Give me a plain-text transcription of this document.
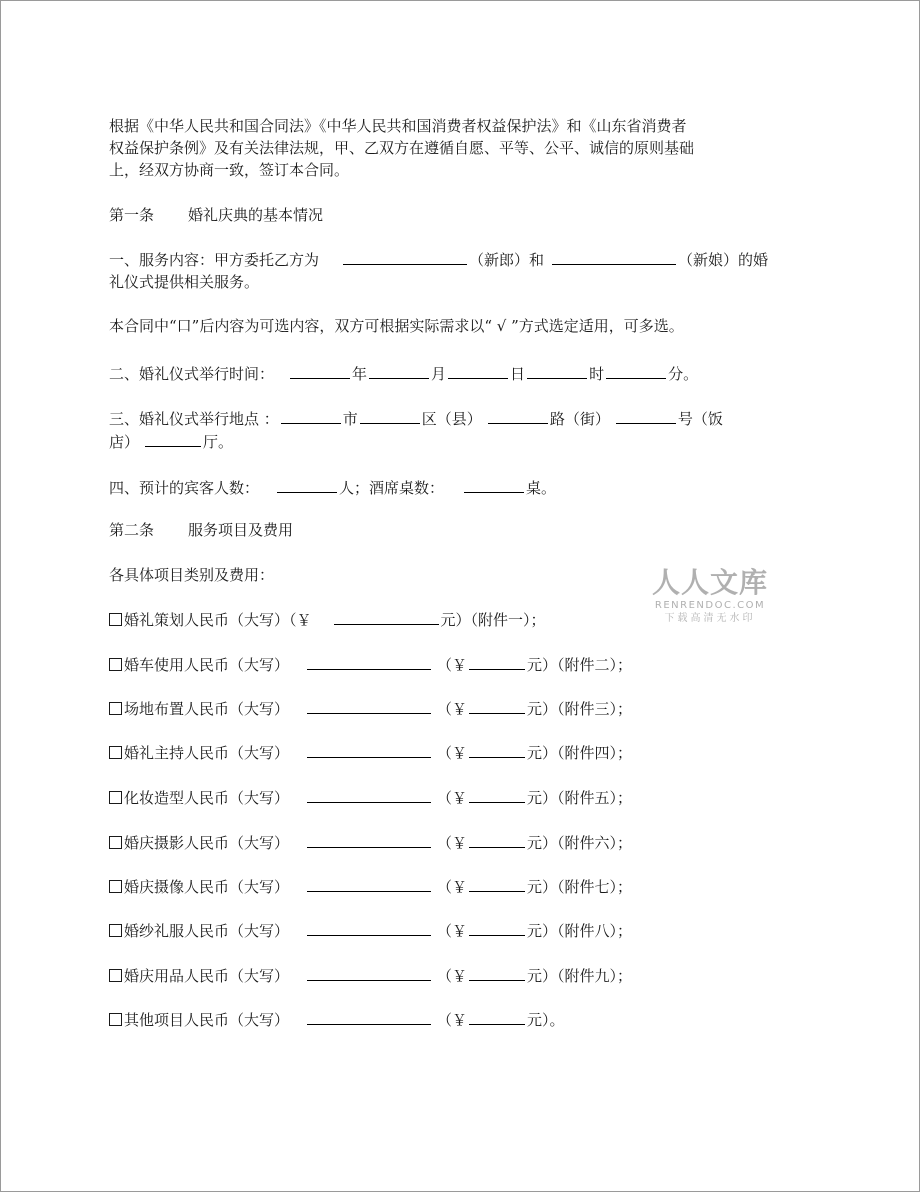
根据《中华人民共和国合同法》《中华人民共和国消费者权益保护法》和《山东省消费者
权益保护条例》及有关法律法规，甲、乙双方在遵循自愿、平等、公平、诚信的原则基础
上，经双方协商一致，签订本合同。
第一条 婚礼庆典的基本情况
一、服务内容：甲方委托乙方为	（新郎）和	（新娘）的婚
礼仪式提供相关服务。
本合同中“口”后内容为可选内容，双方可根据实际需求以“ √ ”方式选定适用，可多选。
二、婚礼仪式举行时间：	年	月	日	时	分。
三、婚礼仪式举行地点 ：	市	区（县）	路（街）	号（饭
店）	厅。
四、预计的宾客人数：	人；酒席桌数：	桌。
第二条 服务项目及费用
各具体项目类别及费用：
婚礼策划人民币（大写）（￥	元）（附件一）；
婚车使用人民币（大写）	（￥	元）（附件二）；
场地布置人民币（大写）	（￥	元）（附件三）；
婚礼主持人民币（大写）	（￥	元）（附件四）；
化妆造型人民币（大写）	（￥	元）（附件五）；
婚庆摄影人民币（大写）	（￥	元）（附件六）；
婚庆摄像人民币（大写）	（￥	元）（附件七）；
婚纱礼服人民币（大写）	（￥	元）（附件八）；
婚庆用品人民币（大写）	（￥	元）（附件九）；
其他项目人民币（大写）	（￥	元）。
人人文库
RENRENDOC.COM
下载高清无水印
